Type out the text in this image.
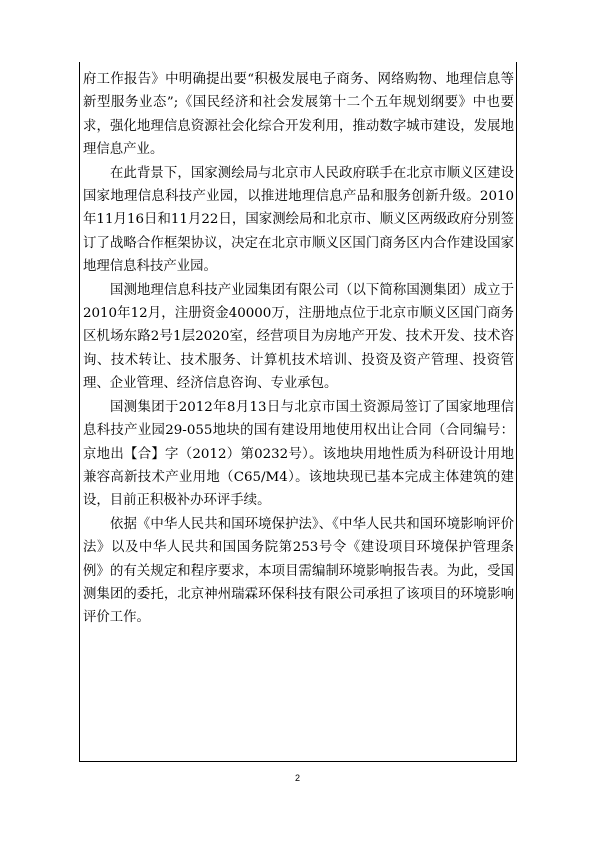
府工作报告》中明确提出要“积极发展电子商务、网络购物、地理信息等新型服务业态”;《国民经济和社会发展第十二个五年规划纲要》中也要求，强化地理信息资源社会化综合开发利用，推动数字城市建设，发展地理信息产业。

在此背景下，国家测绘局与北京市人民政府联手在北京市顺义区建设国家地理信息科技产业园，以推进地理信息产品和服务创新升级。2010年11月16日和11月22日，国家测绘局和北京市、顺义区两级政府分别签订了战略合作框架协议，决定在北京市顺义区国门商务区内合作建设国家地理信息科技产业园。

国测地理信息科技产业园集团有限公司（以下简称国测集团）成立于2010年12月，注册资金40000万，注册地点位于北京市顺义区国门商务区机场东路2号1层2020室，经营项目为房地产开发、技术开发、技术咨询、技术转让、技术服务、计算机技术培训、投资及资产管理、投资管理、企业管理、经济信息咨询、专业承包。

国测集团于2012年8月13日与北京市国土资源局签订了国家地理信息科技产业园29-055地块的国有建设用地使用权出让合同（合同编号：京地出【合】字（2012）第0232号）。该地块用地性质为科研设计用地兼容高新技术产业用地（C65/M4）。该地块现已基本完成主体建筑的建设，目前正积极补办环评手续。

依据《中华人民共和国环境保护法》、《中华人民共和国环境影响评价法》以及中华人民共和国国务院第253号令《建设项目环境保护管理条例》的有关规定和程序要求，本项目需编制环境影响报告表。为此，受国测集团的委托，北京神州瑞霖环保科技有限公司承担了该项目的环境影响评价工作。

2
